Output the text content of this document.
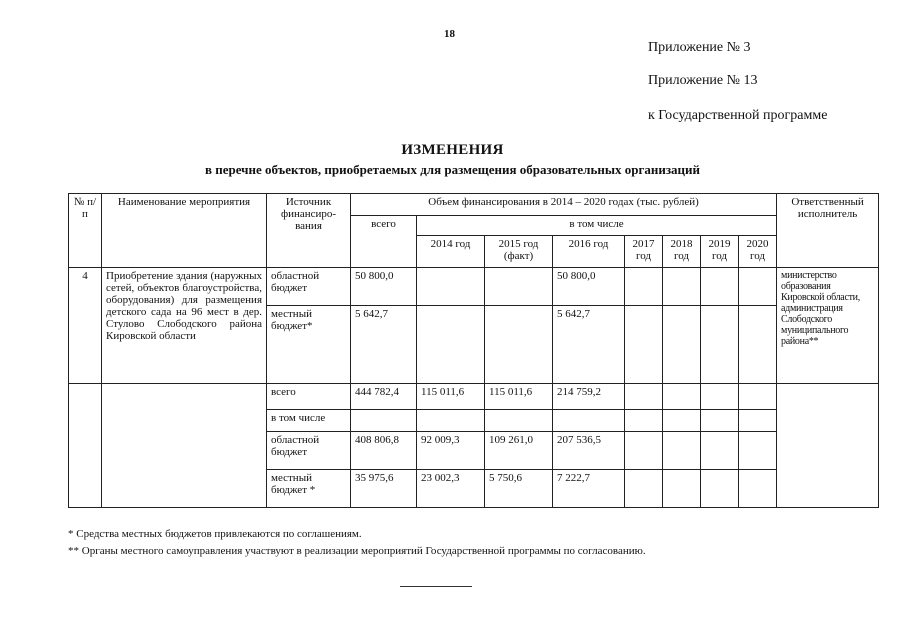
18
Приложение № 3
Приложение № 13
к Государственной программе
ИЗМЕНЕНИЯ
в перечне объектов, приобретаемых для размещения образовательных организаций
№ п/п	Наименование мероприятия	Источник финансиро-вания	Объем финансирования в 2014 – 2020 годах (тыс. рублей)								Ответственный исполнитель
			всего	в том числе							
				2014 год	2015 год (факт)	2016 год	2017 год	2018 год	2019 год	2020 год	
4	Приобретение здания (наружных сетей, объектов благоустройства, оборудования) для размещения детского сада на 96 мест в дер. Стулово Слободского района Кировской области	областной бюджет	50 800,0			50 800,0					министерство образования Кировской области, администрация Слободского муниципального района**
		местный бюджет*	5 642,7			5 642,7					
		всего	444 782,4	115 011,6	115 011,6	214 759,2					
		в том числе									
		областной бюджет	408 806,8	92 009,3	109 261,0	207 536,5					
		местный бюджет *	35 975,6	23 002,3	5 750,6	7 222,7					
* Средства местных бюджетов привлекаются по соглашениям.
** Органы местного самоуправления участвуют в реализации мероприятий Государственной программы по согласованию.
